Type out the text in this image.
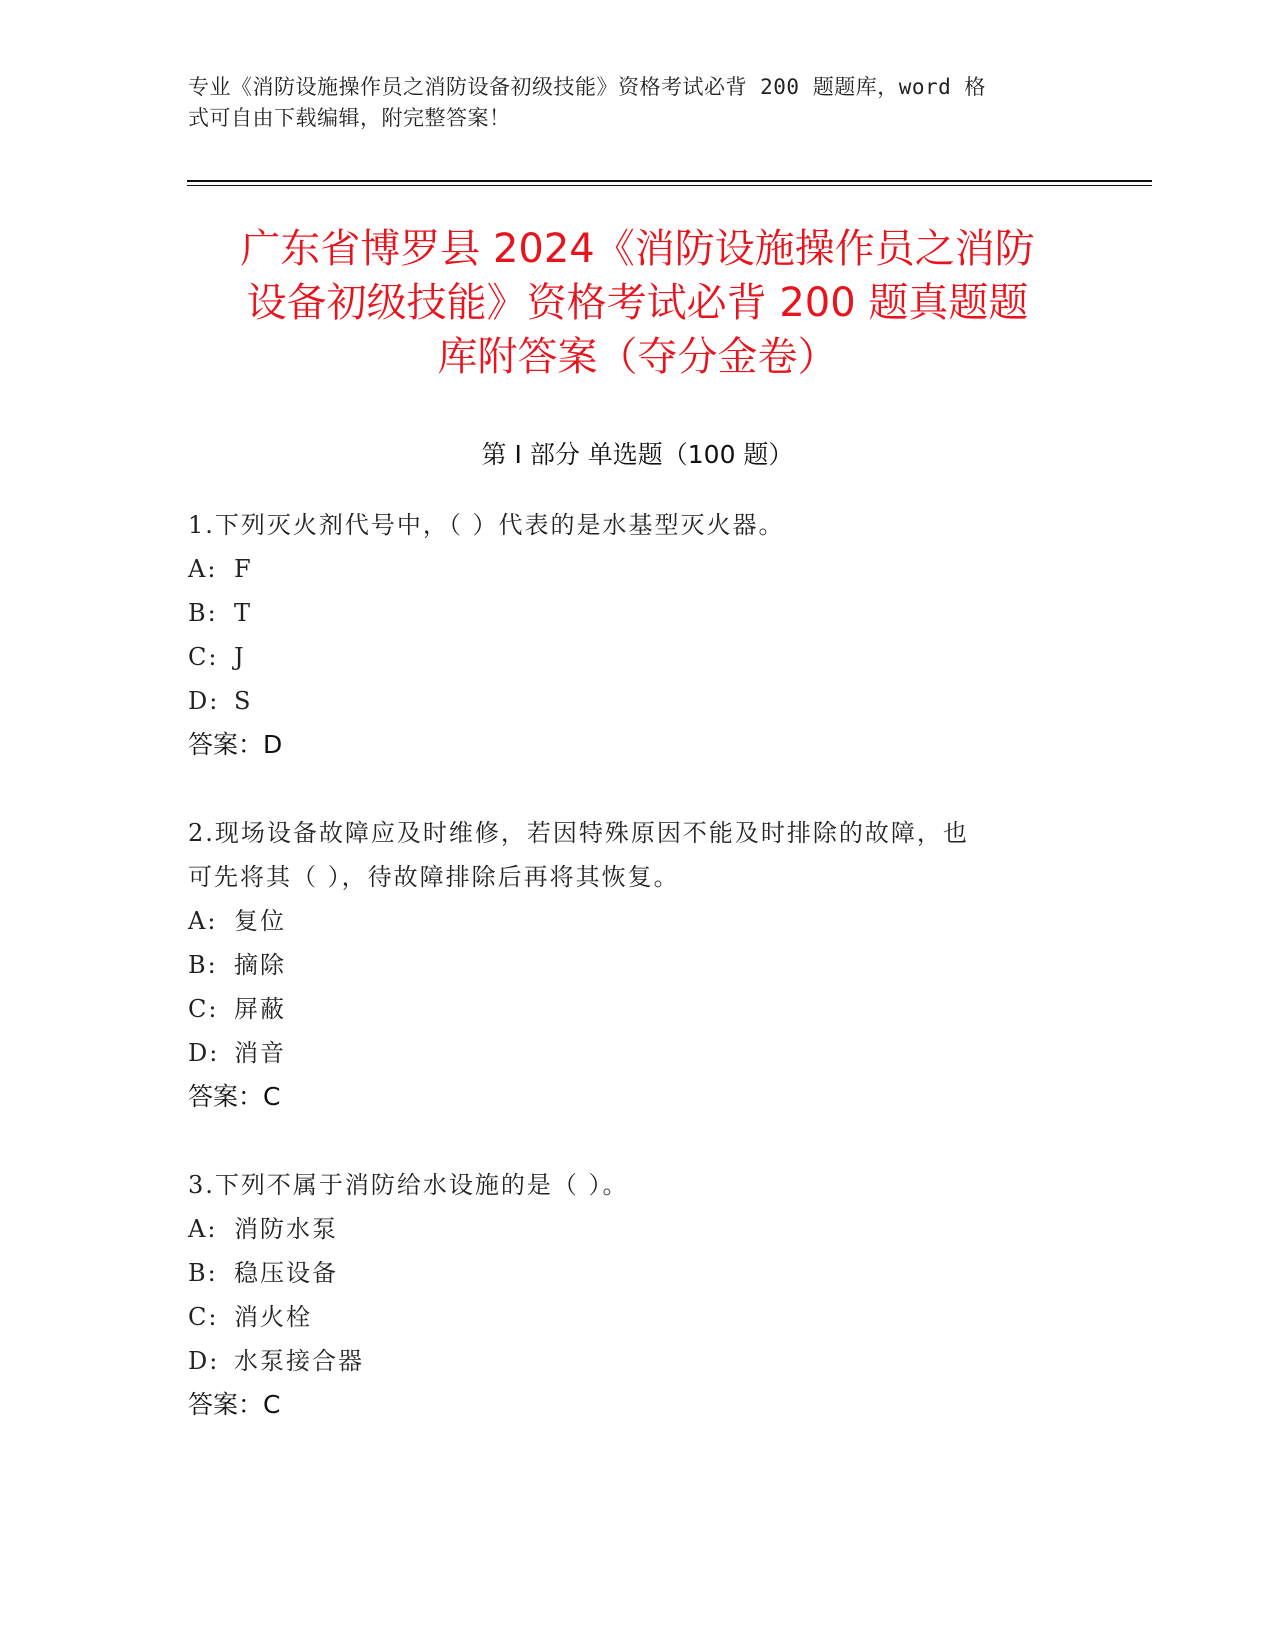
专业《消防设施操作员之消防设备初级技能》资格考试必背 200 题题库，word 格
式可自由下载编辑，附完整答案！
广东省博罗县 2024《消防设施操作员之消防
设备初级技能》资格考试必背 200 题真题题
库附答案（夺分金卷）
第 I 部分 单选题（100 题）
1.下列灭火剂代号中，（ ）代表的是水基型灭火器。
A: F
B: T
C: J
D: S
答案：D
2.现场设备故障应及时维修，若因特殊原因不能及时排除的故障，也
可先将其（ ），待故障排除后再将其恢复。
A: 复位
B: 摘除
C: 屏蔽
D: 消音
答案：C
3.下列不属于消防给水设施的是（ ）。
A: 消防水泵
B: 稳压设备
C: 消火栓
D: 水泵接合器
答案：C
